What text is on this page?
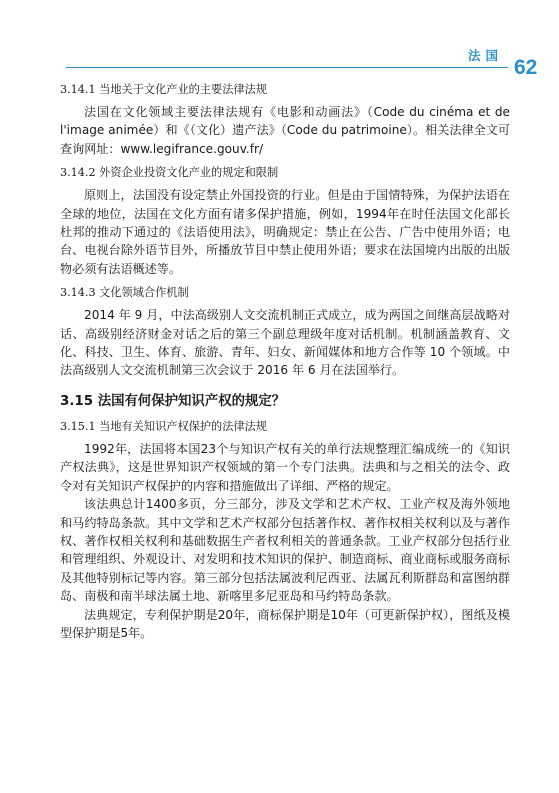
法国
62
3.14.1 当地关于文化产业的主要法律法规

法国在文化领域主要法律法规有《电影和动画法》（Code du cinéma et de l'image animée）和《（文化）遗产法》（Code du patrimoine）。相关法律全文可查询网址：www.legifrance.gouv.fr/

3.14.2 外资企业投资文化产业的规定和限制

原则上，法国没有设定禁止外国投资的行业。但是由于国情特殊，为保护法语在全球的地位，法国在文化方面有诸多保护措施，例如，1994年在时任法国文化部长杜邦的推动下通过的《法语使用法》，明确规定：禁止在公告、广告中使用外语；电台、电视台除外语节目外，所播放节目中禁止使用外语；要求在法国境内出版的出版物必须有法语概述等。

3.14.3 文化领域合作机制

2014 年 9 月，中法高级别人文交流机制正式成立，成为两国之间继高层战略对话、高级别经济财金对话之后的第三个副总理级年度对话机制。机制涵盖教育、文化、科技、卫生、体育、旅游、青年、妇女、新闻媒体和地方合作等 10 个领域。中法高级别人文交流机制第三次会议于 2016 年 6 月在法国举行。

3.15 法国有何保护知识产权的规定？
3.15.1 当地有关知识产权保护的法律法规

1992年，法国将本国23个与知识产权有关的单行法规整理汇编成统一的《知识产权法典》，这是世界知识产权领域的第一个专门法典。法典和与之相关的法令、政令对有关知识产权保护的内容和措施做出了详细、严格的规定。

该法典总计1400多页，分三部分，涉及文学和艺术产权、工业产权及海外领地和马约特岛条款。其中文学和艺术产权部分包括著作权、著作权相关权利以及与著作权、著作权相关权利和基础数据生产者权利相关的普通条款。工业产权部分包括行业和管理组织、外观设计、对发明和技术知识的保护、制造商标、商业商标或服务商标及其他特别标记等内容。第三部分包括法属波利尼西亚、法属瓦利斯群岛和富图纳群岛、南极和南半球法属土地、新喀里多尼亚岛和马约特岛条款。

法典规定，专利保护期是20年，商标保护期是10年（可更新保护权），图纸及模型保护期是5年。
